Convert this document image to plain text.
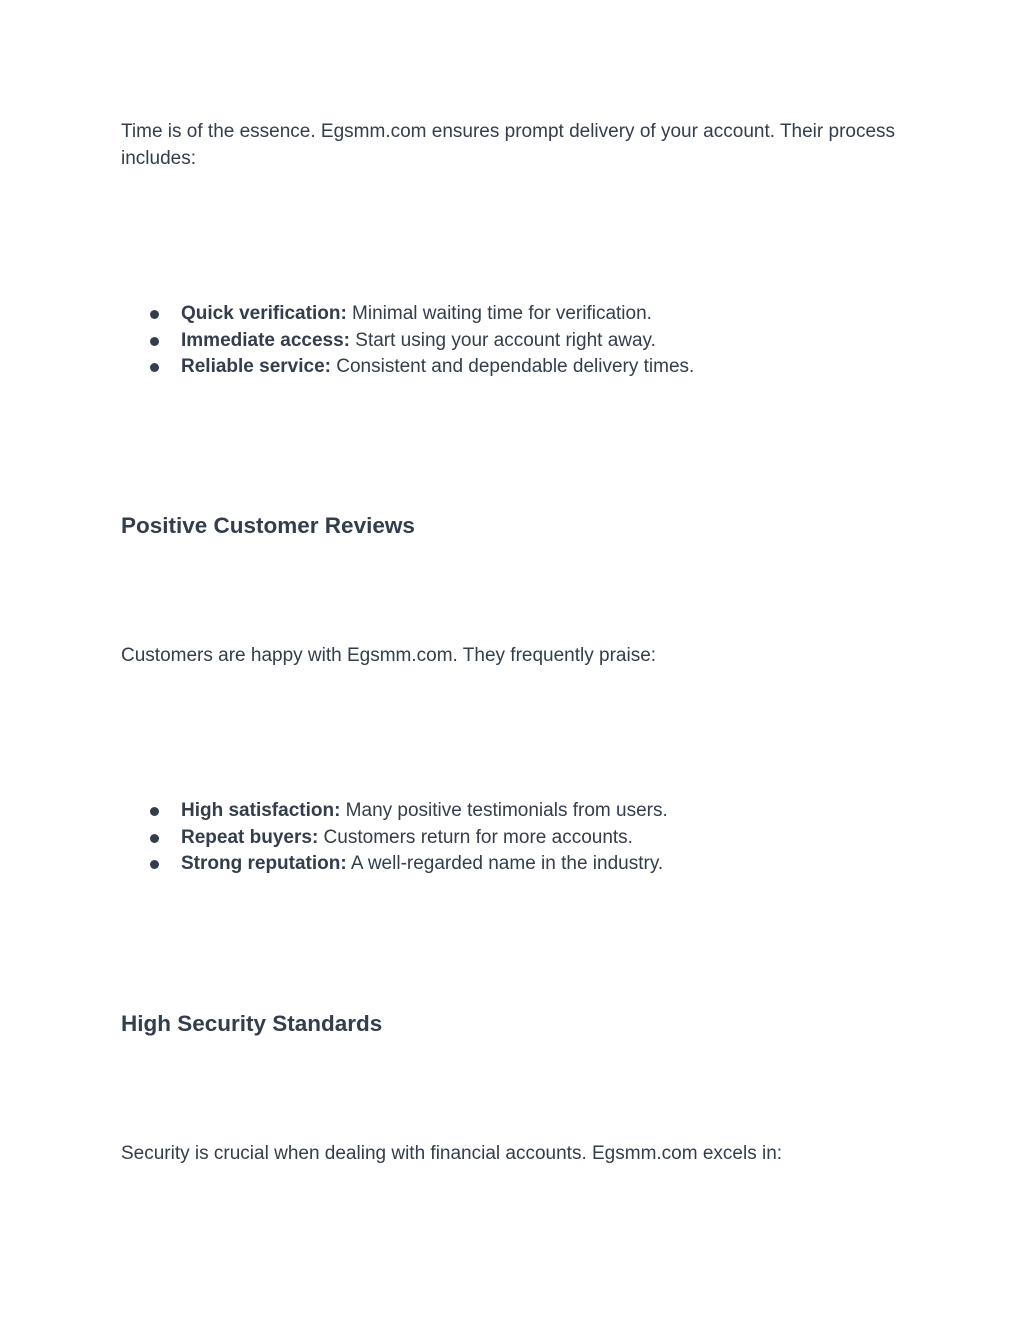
Time is of the essence. Egsmm.com ensures prompt delivery of your account. Their process includes:

Quick verification: Minimal waiting time for verification.
Immediate access: Start using your account right away.
Reliable service: Consistent and dependable delivery times.
Positive Customer Reviews

Customers are happy with Egsmm.com. They frequently praise:

High satisfaction: Many positive testimonials from users.
Repeat buyers: Customers return for more accounts.
Strong reputation: A well-regarded name in the industry.
High Security Standards

Security is crucial when dealing with financial accounts. Egsmm.com excels in:
